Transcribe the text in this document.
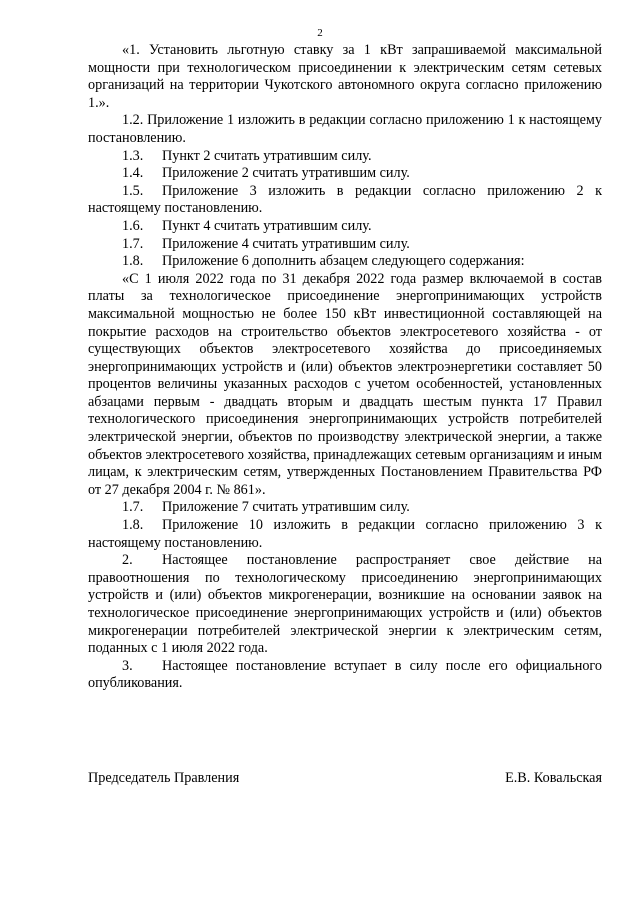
2

«1. Установить льготную ставку за 1 кВт запрашиваемой максимальной мощности при технологическом присоединении к электрическим сетям сетевых организаций на территории Чукотского автономного округа согласно приложению 1.».

1.2. Приложение 1 изложить в редакции согласно приложению 1 к настоящему постановлению.

1.3. Пункт 2 считать утратившим силу.

1.4. Приложение 2 считать утратившим силу.

1.5. Приложение 3 изложить в редакции согласно приложению 2 к настоящему постановлению.

1.6. Пункт 4 считать утратившим силу.

1.7. Приложение 4 считать утратившим силу.

1.8. Приложение 6 дополнить абзацем следующего содержания:

«С 1 июля 2022 года по 31 декабря 2022 года размер включаемой в состав платы за технологическое присоединение энергопринимающих устройств максимальной мощностью не более 150 кВт инвестиционной составляющей на покрытие расходов на строительство объектов электросетевого хозяйства - от существующих объектов электросетевого хозяйства до присоединяемых энергопринимающих устройств и (или) объектов электроэнергетики составляет 50 процентов величины указанных расходов с учетом особенностей, установленных абзацами первым - двадцать вторым и двадцать шестым пункта 17 Правил технологического присоединения энергопринимающих устройств потребителей электрической энергии, объектов по производству электрической энергии, а также объектов электросетевого хозяйства, принадлежащих сетевым организациям и иным лицам, к электрическим сетям, утвержденных Постановлением Правительства РФ от 27 декабря 2004 г. № 861».

1.7. Приложение 7 считать утратившим силу.

1.8. Приложение 10 изложить в редакции согласно приложению 3 к настоящему постановлению.

2. Настоящее постановление распространяет свое действие на правоотношения по технологическому присоединению энергопринимающих устройств и (или) объектов микрогенерации, возникшие на основании заявок на технологическое присоединение энергопринимающих устройств и (или) объектов микрогенерации потребителей электрической энергии к электрическим сетям, поданных с 1 июля 2022 года.

3. Настоящее постановление вступает в силу после его официального опубликования.

Председатель Правления	Е.В. Ковальская
